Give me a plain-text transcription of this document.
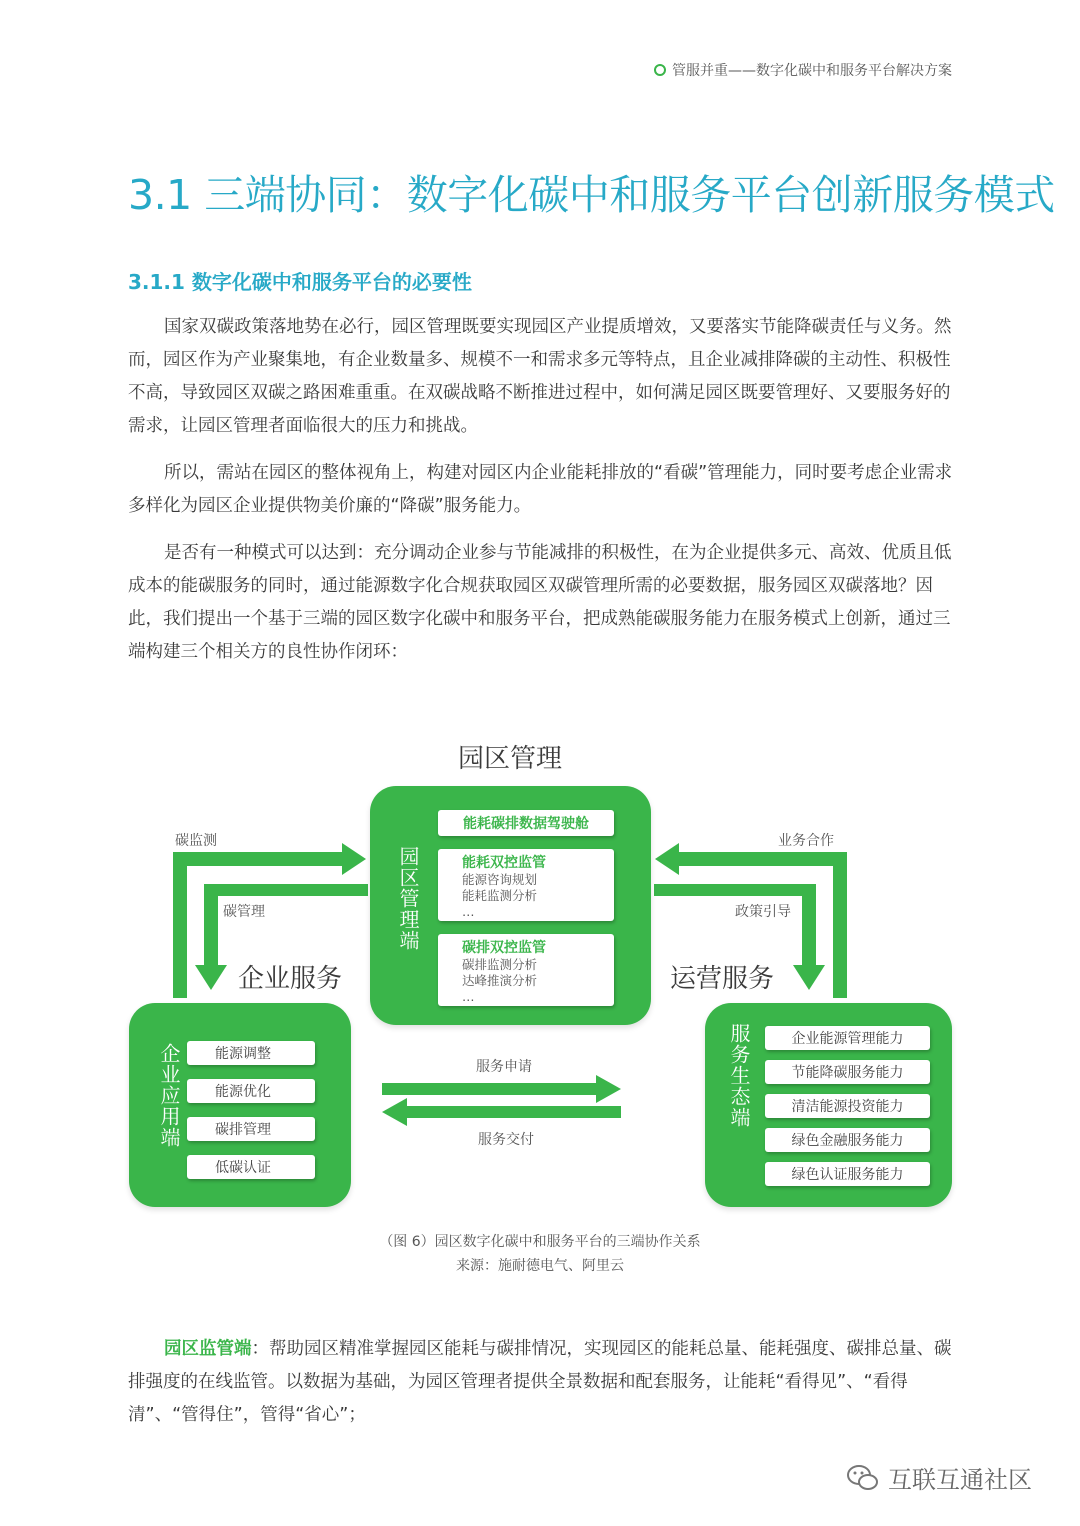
管服并重——数字化碳中和服务平台解决方案
3.1 三端协同：数字化碳中和服务平台创新服务模式
3.1.1 数字化碳中和服务平台的必要性

国家双碳政策落地势在必行，园区管理既要实现园区产业提质增效，又要落实节能降碳责任与义务。然而，园区作为产业聚集地，有企业数量多、规模不一和需求多元等特点，且企业减排降碳的主动性、积极性不高，导致园区双碳之路困难重重。在双碳战略不断推进过程中，如何满足园区既要管理好、又要服务好的需求，让园区管理者面临很大的压力和挑战。

所以，需站在园区的整体视角上，构建对园区内企业能耗排放的“看碳”管理能力，同时要考虑企业需求多样化为园区企业提供物美价廉的“降碳”服务能力。

是否有一种模式可以达到：充分调动企业参与节能减排的积极性，在为企业提供多元、高效、优质且低成本的能碳服务的同时，通过能源数字化合规获取园区双碳管理所需的必要数据，服务园区双碳落地？因此，我们提出一个基于三端的园区数字化碳中和服务平台，把成熟能碳服务能力在服务模式上创新，通过三端构建三个相关方的良性协作闭环：

园区管理
企业服务	运营服务
碳监测
碳管理
业务合作
政策引导
服务申请
服务交付
园区管理端
能耗碳排数据驾驶舱
能耗双控监管
能源咨询规划
能耗监测分析
…
碳排双控监管
碳排监测分析
达峰推演分析
…
企业应用端	能源调整
能源优化
碳排管理
低碳认证
服务生态端	企业能源管理能力
节能降碳服务能力
清洁能源投资能力
绿色金融服务能力
绿色认证服务能力
（图 6）园区数字化碳中和服务平台的三端协作关系
来源：施耐德电气、阿里云

园区监管端：帮助园区精准掌握园区能耗与碳排情况，实现园区的能耗总量、能耗强度、碳排总量、碳排强度的在线监管。以数据为基础，为园区管理者提供全景数据和配套服务，让能耗“看得见”、“看得清”、“管得住”，管得“省心”；

互联互通社区
